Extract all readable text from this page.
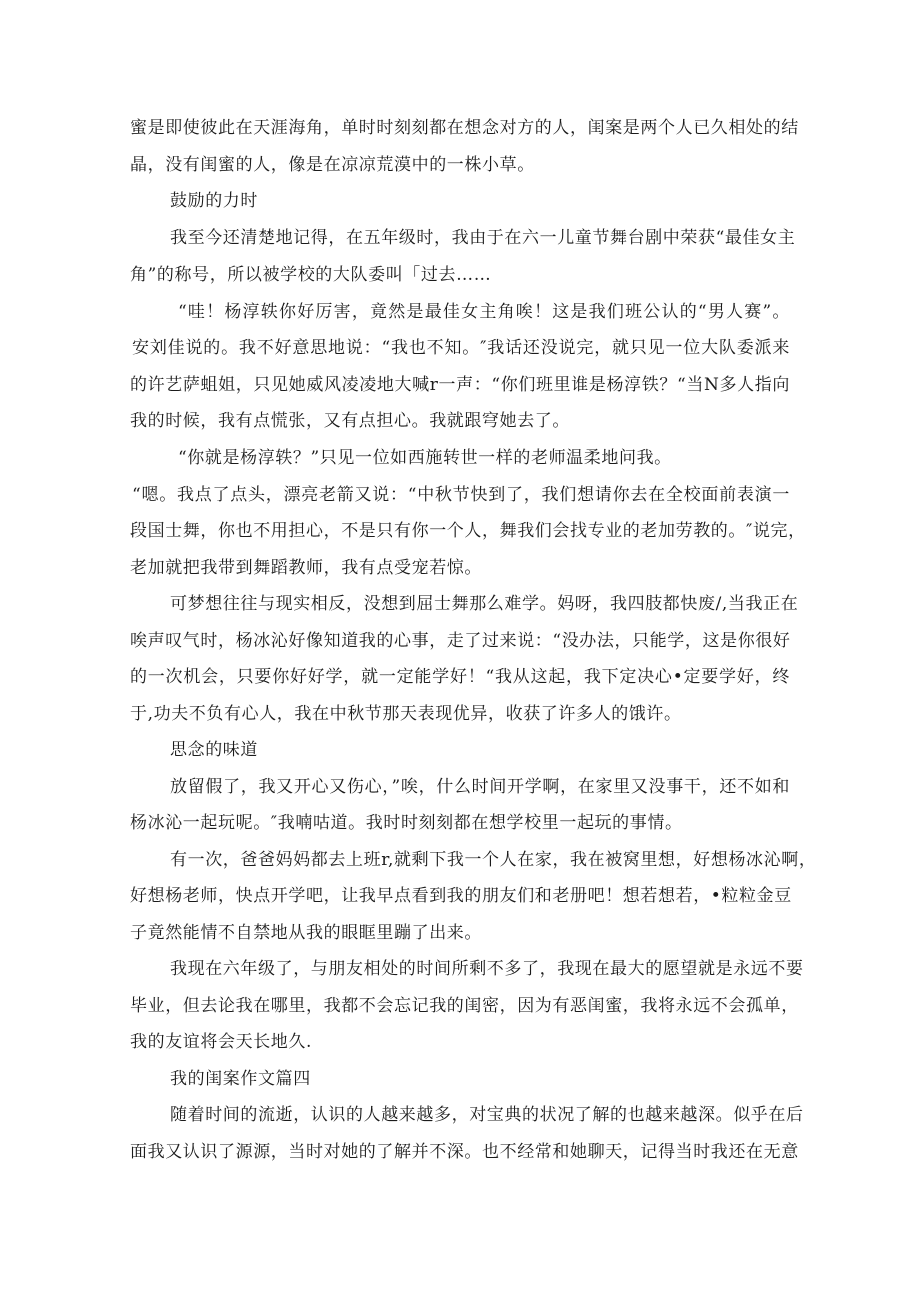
蜜是即使彼此在天涯海角，单时时刻刻都在想念对方的人，闺案是两个人已久相处的结
晶，没有闺蜜的人，像是在凉凉荒漠中的一株小草。
鼓励的力时
我至今还清楚地记得，在五年级时，我由于在六一儿童节舞台剧中荣获“最佳女主
角”的称号，所以被学校的大队委叫「过去……
“哇！杨淳轶你好厉害，竟然是最佳女主角唉！这是我们班公认的“男人赛”。
安刘佳说的。我不好意思地说：“我也不知。″我话还没说完，就只见一位大队委派来
的许艺萨蛆姐，只见她威风凌凌地大喊r一声：“你们班里谁是杨淳铁？“当N多人指向
我的时候，我有点慌张，又有点担心。我就跟穹她去了。
“你就是杨淳轶？”只见一位如西施转世一样的老师温柔地问我。
“嗯。我点了点头，漂亮老箭又说：“中秋节快到了，我们想请你去在全校面前表演一
段国士舞，你也不用担心，不是只有你一个人，舞我们会找专业的老加劳教的。″说完，
老加就把我带到舞蹈教师，我有点受宠若惊。
可梦想往往与现实相反，没想到屈士舞那么难学。妈呀，我四肢都快废/,当我正在
唉声叹气时，杨冰沁好像知道我的心事，走了过来说：“没办法，只能学，这是你很好
的一次机会，只要你好好学，就一定能学好！“我从这起，我下定决心•定要学好，终
于,功夫不负有心人，我在中秋节那天表现优异，收获了许多人的饿许。
思念的味道
放留假了，我又开心又伤心，”唉，什么时间开学啊，在家里又没事干，还不如和
杨冰沁一起玩呢。″我喃咕道。我时时刻刻都在想学校里一起玩的事情。
有一次，爸爸妈妈都去上班r,就剩下我一个人在家，我在被窝里想，好想杨冰沁啊，
好想杨老师，快点开学吧，让我早点看到我的朋友们和老册吧！想若想若，•粒粒金豆
子竟然能情不自禁地从我的眼眶里蹦了出来。
我现在六年级了，与朋友相处的时间所剩不多了，我现在最大的愿望就是永远不要
毕业，但去论我在哪里，我都不会忘记我的闺密，因为有恶闺蜜，我将永远不会孤单，
我的友谊将会天长地久.
我的闺案作文篇四
随着时间的流逝，认识的人越来越多，对宝典的状况了解的也越来越深。似乎在后
面我又认识了源源，当时对她的了解并不深。也不经常和她聊天，记得当时我还在无意
